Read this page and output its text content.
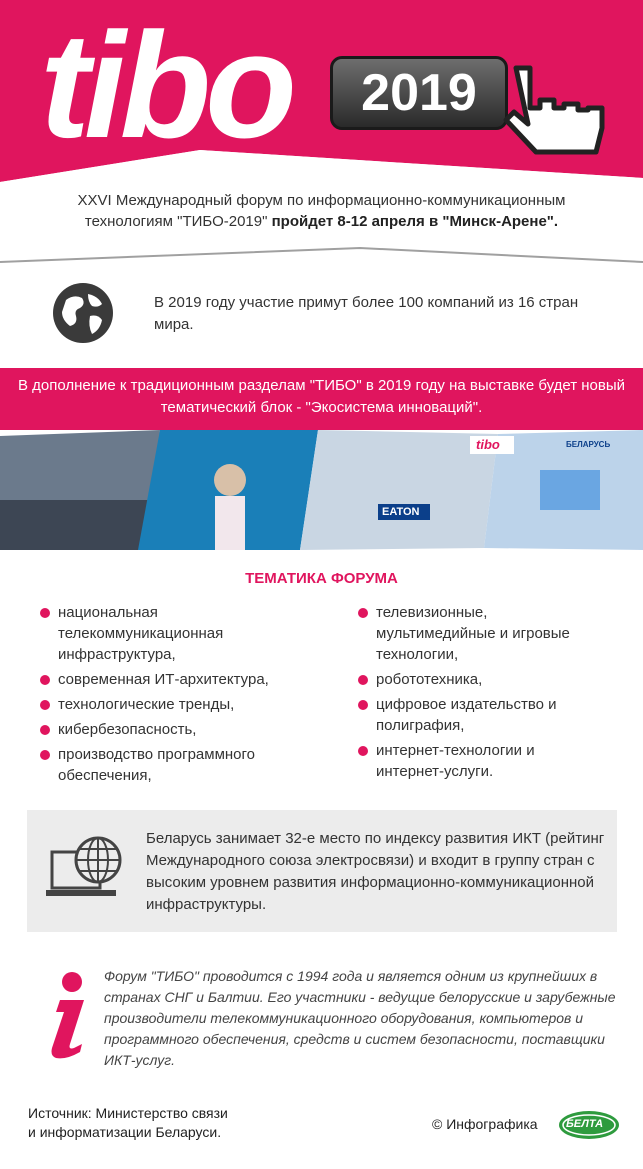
tibo	2019
XXVI Международный форум по информационно-коммуникационным технологиям "ТИБО-2019" пройдет 8-12 апреля в "Минск-Арене".
В 2019 году участие примут более 100 компаний из 16 стран мира.
В дополнение к традиционным разделам "ТИБО" в 2019 году на выставке будет новый тематический блок - "Экосистема инноваций".
EATON
tibo	БЕЛАРУСЬ
ТЕМАТИКА ФОРУМА
национальная телекоммуникационная инфраструктура,
современная ИТ-архитектура,
технологические тренды,
кибербезопасность,
производство программного обеспечения,
телевизионные, мультимедийные и игровые технологии,
робототехника,
цифровое издательство и полиграфия,
интернет-технологии и интернет-услуги.
Беларусь занимает 32-е место по индексу развития ИКТ (рейтинг Международного союза электросвязи) и входит в группу стран с высоким уровнем развития информационно-коммуникационной инфраструктуры.
Форум "ТИБО" проводится с 1994 года и является одним из крупнейших в странах СНГ и Балтии. Его участники - ведущие белорусские и зарубежные производители телекоммуникационного оборудования, компьютеров и программного обеспечения, средств и систем безопасности, поставщики ИКТ-услуг.
Источник: Министерство связи
и информатизации Беларуси.	© Инфографика	БЕЛТА
